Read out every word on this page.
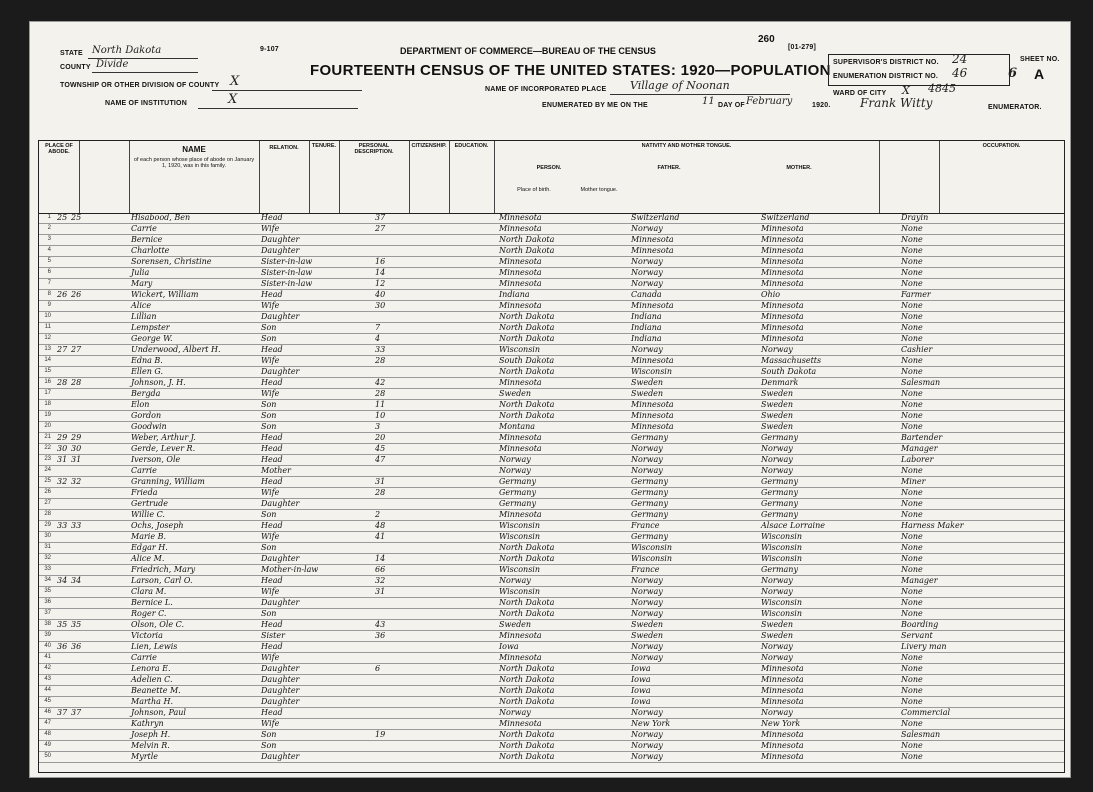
STATE North Dakota
COUNTY Divide
TOWNSHIP OR OTHER DIVISION OF COUNTY X
NAME OF INSTITUTION	X
9-107	DEPARTMENT OF COMMERCE—BUREAU OF THE CENSUS
FOURTEENTH CENSUS OF THE UNITED STATES: 1920—POPULATION
260
[01-279]
NAME OF INCORPORATED PLACE Village of Noonan
ENUMERATED BY ME ON THE	11 DAY OF February	1920. Frank Witty	ENUMERATOR.
SUPERVISOR'S DISTRICT NO. 24
ENUMERATION DISTRICT NO. 46
SHEET NO.
6 A
WARD OF CITY X 4845
PLACE OF ABODE.	NAME
of each person whose place of abode on January 1, 1920, was in this family.
RELATION.	TENURE.	PERSONAL DESCRIPTION.
CITIZENSHIP.	EDUCATION.	NATIVITY AND MOTHER TONGUE.
PERSON.	FATHER.	MOTHER.
Place of birth.	Mother tongue.
OCCUPATION.
1 25 25	Hisabood, Ben	Head	37	Minnesota	Switzerland	Switzerland	Drayin
2	Carrie	Wife	27	Minnesota	Norway	Minnesota	None
3	Bernice	Daughter	North Dakota	Minnesota	Minnesota	None
4	Charlotte	Daughter	North Dakota	Minnesota	Minnesota	None
5	Sorensen, Christine	Sister-in-law	16	Minnesota	Norway	Minnesota	None
6	Julia	Sister-in-law	14	Minnesota	Norway	Minnesota	None
7	Mary	Sister-in-law	12	Minnesota	Norway	Minnesota	None
8 26 26	Wickert, William	Head	40	Indiana	Canada	Ohio	Farmer
9	Alice	Wife	30	Minnesota	Minnesota	Minnesota	None
10	Lillian	Daughter	North Dakota	Indiana	Minnesota	None
11	Lempster	Son	7	North Dakota	Indiana	Minnesota	None
12	George W.	Son	4	North Dakota	Indiana	Minnesota	None
13 27 27	Underwood, Albert H.	Head	33	Wisconsin	Norway	Norway	Cashier
14	Edna B.	Wife	28	South Dakota	Minnesota	Massachusetts	None
15	Ellen G.	Daughter	North Dakota	Wisconsin	South Dakota	None
16 28 28	Johnson, J. H.	Head	42	Minnesota	Sweden	Denmark	Salesman
17	Bergda	Wife	28	Sweden	Sweden	Sweden	None
18	Elon	Son	11	North Dakota	Minnesota	Sweden	None
19	Gordon	Son	10	North Dakota	Minnesota	Sweden	None
20	Goodwin	Son	3	Montana	Minnesota	Sweden	None
21 29 29	Weber, Arthur J.	Head	20	Minnesota	Germany	Germany	Bartender
22 30 30	Gerde, Lever R.	Head	45	Minnesota	Norway	Norway	Manager
23 31 31	Iverson, Ole	Head	47	Norway	Norway	Norway	Laborer
24	Carrie	Mother	Norway	Norway	Norway	None
25 32 32	Granning, William	Head	31	Germany	Germany	Germany	Miner
26	Frieda	Wife	28	Germany	Germany	Germany	None
27	Gertrude	Daughter	Germany	Germany	Germany	None
28	Willie C.	Son	2	Minnesota	Germany	Germany	None
29 33 33	Ochs, Joseph	Head	48	Wisconsin	France	Alsace Lorraine	Harness Maker
30	Marie B.	Wife	41	Wisconsin	Germany	Wisconsin	None
31	Edgar H.	Son	North Dakota	Wisconsin	Wisconsin	None
32	Alice M.	Daughter	14	North Dakota	Wisconsin	Wisconsin	None
33	Friedrich, Mary	Mother-in-law	66	Wisconsin	France	Germany	None
34 34 34	Larson, Carl O.	Head	32	Norway	Norway	Norway	Manager
35	Clara M.	Wife	31	Wisconsin	Norway	Norway	None
36	Bernice L.	Daughter	North Dakota	Norway	Wisconsin	None
37	Roger C.	Son	North Dakota	Norway	Wisconsin	None
38 35 35	Olson, Ole C.	Head	43	Sweden	Sweden	Sweden	Boarding
39	Victoria	Sister	36	Minnesota	Sweden	Sweden	Servant
40 36 36	Lien, Lewis	Head	Iowa	Norway	Norway	Livery man
41	Carrie	Wife	Minnesota	Norway	Norway	None
42	Lenora E.	Daughter	6	North Dakota	Iowa	Minnesota	None
43	Adelien C.	Daughter	North Dakota	Iowa	Minnesota	None
44	Beanette M.	Daughter	North Dakota	Iowa	Minnesota	None
45	Martha H.	Daughter	North Dakota	Iowa	Minnesota	None
46 37 37	Johnson, Paul	Head	Norway	Norway	Norway	Commercial
47	Kathryn	Wife	Minnesota	New York	New York	None
48	Joseph H.	Son	19	North Dakota	Norway	Minnesota	Salesman
49	Melvin R.	Son	North Dakota	Norway	Minnesota	None
50	Myrtle	Daughter	North Dakota	Norway	Minnesota	None
